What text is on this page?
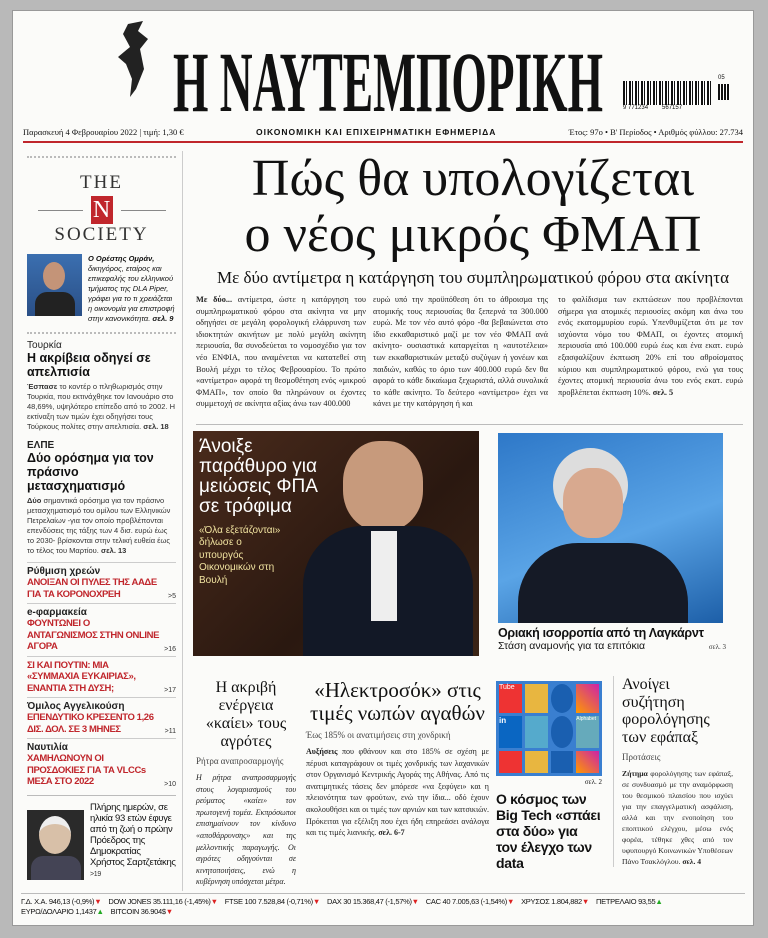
Η ΝΑΥΤΕΜΠΟΡΙΚΗ	9 771234 567157
05
Παρασκευή 4 Φεβρουαρίου 2022 | τιμή: 1,30 €	ΟΙΚΟΝΟΜΙΚΗ ΚΑΙ ΕΠΙΧΕΙΡΗΜΑΤΙΚΗ ΕΦΗΜΕΡΙΔΑ	Έτος: 97ο • Β' Περίοδος • Αριθμός φύλλου: 27.734
THE
N
SOCIETY
Ο Ορέστης Ομράν, δικηγόρος, εταίρος και επικεφαλής του ελληνικού τμήματος της DLA Piper, γράφει για το τι χρειάζεται η οικονομία για επιστροφή στην κανονικότητα. σελ. 9
Τουρκία
Η ακρίβεια οδηγεί σε απελπισία
Έσπασε το κοντέρ ο πληθωρισμός στην Τουρκία, που εκτινάχθηκε τον Ιανουάριο στο 48,69%, υψηλότερο επίπεδο από το 2002. Η εκτίναξη των τιμών έχει οδηγήσει τους Τούρκους πολίτες στην απελπισία. σελ. 18
ΕΛΠΕ
Δύο ορόσημα για τον πράσινο μετασχηματισμό
Δύο σημαντικά ορόσημα για τον πράσινο μετασχηματισμό του ομίλου των Ελληνικών Πετρελαίων -για τον οποίο προβλέπονται επενδύσεις της τάξης των 4 δισ. ευρώ έως το 2030- βρίσκονται στην τελική ευθεία έως το τέλος του Μαρτίου. σελ. 13
Ρύθμιση χρεών
ΑΝΟΙΞΑΝ ΟΙ ΠΥΛΕΣ ΤΗΣ ΑΑΔΕ ΓΙΑ ΤΑ ΚΟΡΟΝΟΧΡΕΗ	>5
e-φαρμακεία
ΦΟΥΝΤΩΝΕΙ Ο ΑΝΤΑΓΩΝΙΣΜΟΣ ΣΤΗΝ ONLINE ΑΓΟΡΑ	>16
ΣΙ ΚΑΙ ΠΟΥΤΙΝ: ΜΙΑ «ΣΥΜΜΑΧΙΑ ΕΥΚΑΙΡΙΑΣ», ΕΝΑΝΤΙΑ ΣΤΗ ΔΥΣΗ;	>17
Όμιλος Αγγελικούση
ΕΠΕΝΔΥΤΙΚΟ ΚΡΕΣΕΝΤΟ 1,26 ΔΙΣ. ΔΟΛ. ΣΕ 3 ΜΗΝΕΣ	>11
Ναυτιλία
ΧΑΜΗΛΩΝΟΥΝ ΟΙ ΠΡΟΣΔΟΚΙΕΣ ΓΙΑ ΤΑ VLCCs ΜΕΣΑ ΣΤΟ 2022	>10
Πλήρης ημερών, σε ηλικία 93 ετών έφυγε από τη ζωή ο πρώην Πρόεδρος της Δημοκρατίας Χρήστος Σαρτζετάκης >19
Πώς θα υπολογίζεται
ο νέος μικρός ΦΜΑΠ
Με δύο αντίμετρα η κατάργηση του συμπληρωματικού φόρου στα ακίνητα
Με δύο... αντίμετρα, ώστε η κατάργηση του συμπληρωματικού φόρου στα ακίνητα να μην οδηγήσει σε μεγάλη φορολογική ελάφρυνση των ιδιοκτητών ακινήτων με πολύ μεγάλη ακίνητη περιουσία, θα συνοδεύεται το νομοσχέδιο για τον νέο ΕΝΦΙΑ, που αναμένεται να κατατεθεί στη Βουλή μέχρι το τέλος Φεβρουαρίου. Το πρώτο «αντίμετρο» αφορά τη θεσμοθέτηση ενός «μικρού ΦΜΑΠ», τον οποίο θα πληρώνουν οι έχοντες συμμετοχή σε ακίνητα αξίας άνω των 400.000
ευρώ υπό την προϋπόθεση ότι το άθροισμα της ατομικής τους περιουσίας θα ξεπερνά τα 300.000 ευρώ. Με τον νέο αυτό φόρο -θα βεβαιώνεται στο ίδιο εκκαθαριστικό μαζί με τον νέο ΦΜΑΠ ανά ακίνητο- ουσιαστικά καταργείται η «αυτοτέλεια» των εκκαθαριστικών μεταξύ συζύγων ή γονέων και παιδιών, καθώς το όριο των 400.000 ευρώ δεν θα αφορά το κάθε δικαίωμα ξεχωριστά, αλλά συνολικά το κάθε ακίνητο. Το δεύτερο «αντίμετρο» έχει να κάνει με την κατάργηση ή και
το φαλίδισμα των εκπτώσεων που προβλέπονται σήμερα για ατομικές περιουσίες ακόμη και άνω του ενός εκατομμυρίου ευρώ. Υπενθυμίζεται ότι με τον ισχύοντα νόμο του ΦΜΑΠ, οι έχοντες ατομική περιουσία από 100.000 ευρώ έως και ένα εκατ. ευρώ εξασφαλίζουν έκπτωση 20% επί του αθροίσματος κύριου και συμπληρωματικού φόρου, ενώ για τους έχοντες ατομική περιουσία άνω του ενός εκατ. ευρώ προβλέπεται έκπτωση 10%. σελ. 5
Άνοιξε παράθυρο για μειώσεις ΦΠΑ σε τρόφιμα
«Όλα εξετάζονται»
δήλωσε ο υπουργός Οικονομικών στη Βουλή
Οριακή ισορροπία από τη Λαγκάρντ
Στάση αναμονής για τα επιτόκια	σελ. 3
Η ακριβή ενέργεια «καίει» τους αγρότες
Ρήτρα αναπροσαρμογής
Η ρήτρα αναπροσαρμογής στους λογαριασμούς του ρεύματος «καίει» τον πρωτογενή τομέα. Εκπρόσωποι επισημαίνουν τον κίνδυνο «αποθάρρυνσης» και της μελλοντικής παραγωγής. Οι αγρότες οδηγούνται σε κινητοποιήσεις, ενώ η κυβέρνηση υπόσχεται μέτρα.
«Ηλεκτροσόκ» στις τιμές νωπών αγαθών
Έως 185% οι ανατιμήσεις στη χονδρική
Αυξήσεις που φθάνουν και στο 185% σε σχέση με πέρυσι καταγράφουν οι τιμές χονδρικής των λαχανικών στον Οργανισμό Κεντρικής Αγοράς της Αθήνας. Από τις ανατιμητικές τάσεις δεν μπόρεσε «να ξεφύγει» και η πλειονότητα των φρούτων, ενώ την ίδια... οδό έχουν ακολουθήσει και οι τιμές των αρνιών και των κατσικιών. Πρόκειται για εξέλιξη που έχει ήδη επηρεάσει ανάλογα και τις τιμές λιανικής. σελ. 6-7
Tube
in	Alphabet
σελ. 2
Ο κόσμος των Big Tech «σπάει στα δύο» για τον έλεγχο των data
Ανοίγει συζήτηση φορολόγησης των εφάπαξ
Προτάσεις
Ζήτημα φορολόγησης των εφάπαξ, σε συνδυασμό με την αναμόρφωση του θεσμικού πλαισίου που ισχύει για την επαγγελματική ασφάλιση, αλλά και την ενοποίηση του εποπτικού ελέγχου, μέσω ενός φορέα, τέθηκε χθες από τον υφυπουργό Κοινωνικών Υποθέσεων Πάνο Τσακλόγλου. σελ. 4
Γ.Δ. Χ.Α. 946,13 (-0,9%)▼ DOW JONES 35.111,16 (-1,45%)▼ FTSE 100 7.528,84 (-0,71%)▼ DAX 30 15.368,47 (-1,57%)▼ CAC 40 7.005,63 (-1,54%)▼ ΧΡΥΣΟΣ 1.804,882▼ ΠΕΤΡΕΛΑΙΟ 93,55▲
ΕΥΡΩ/ΔΟΛΑΡΙΟ 1,1437▲ BITCOIN 36.904$▼
